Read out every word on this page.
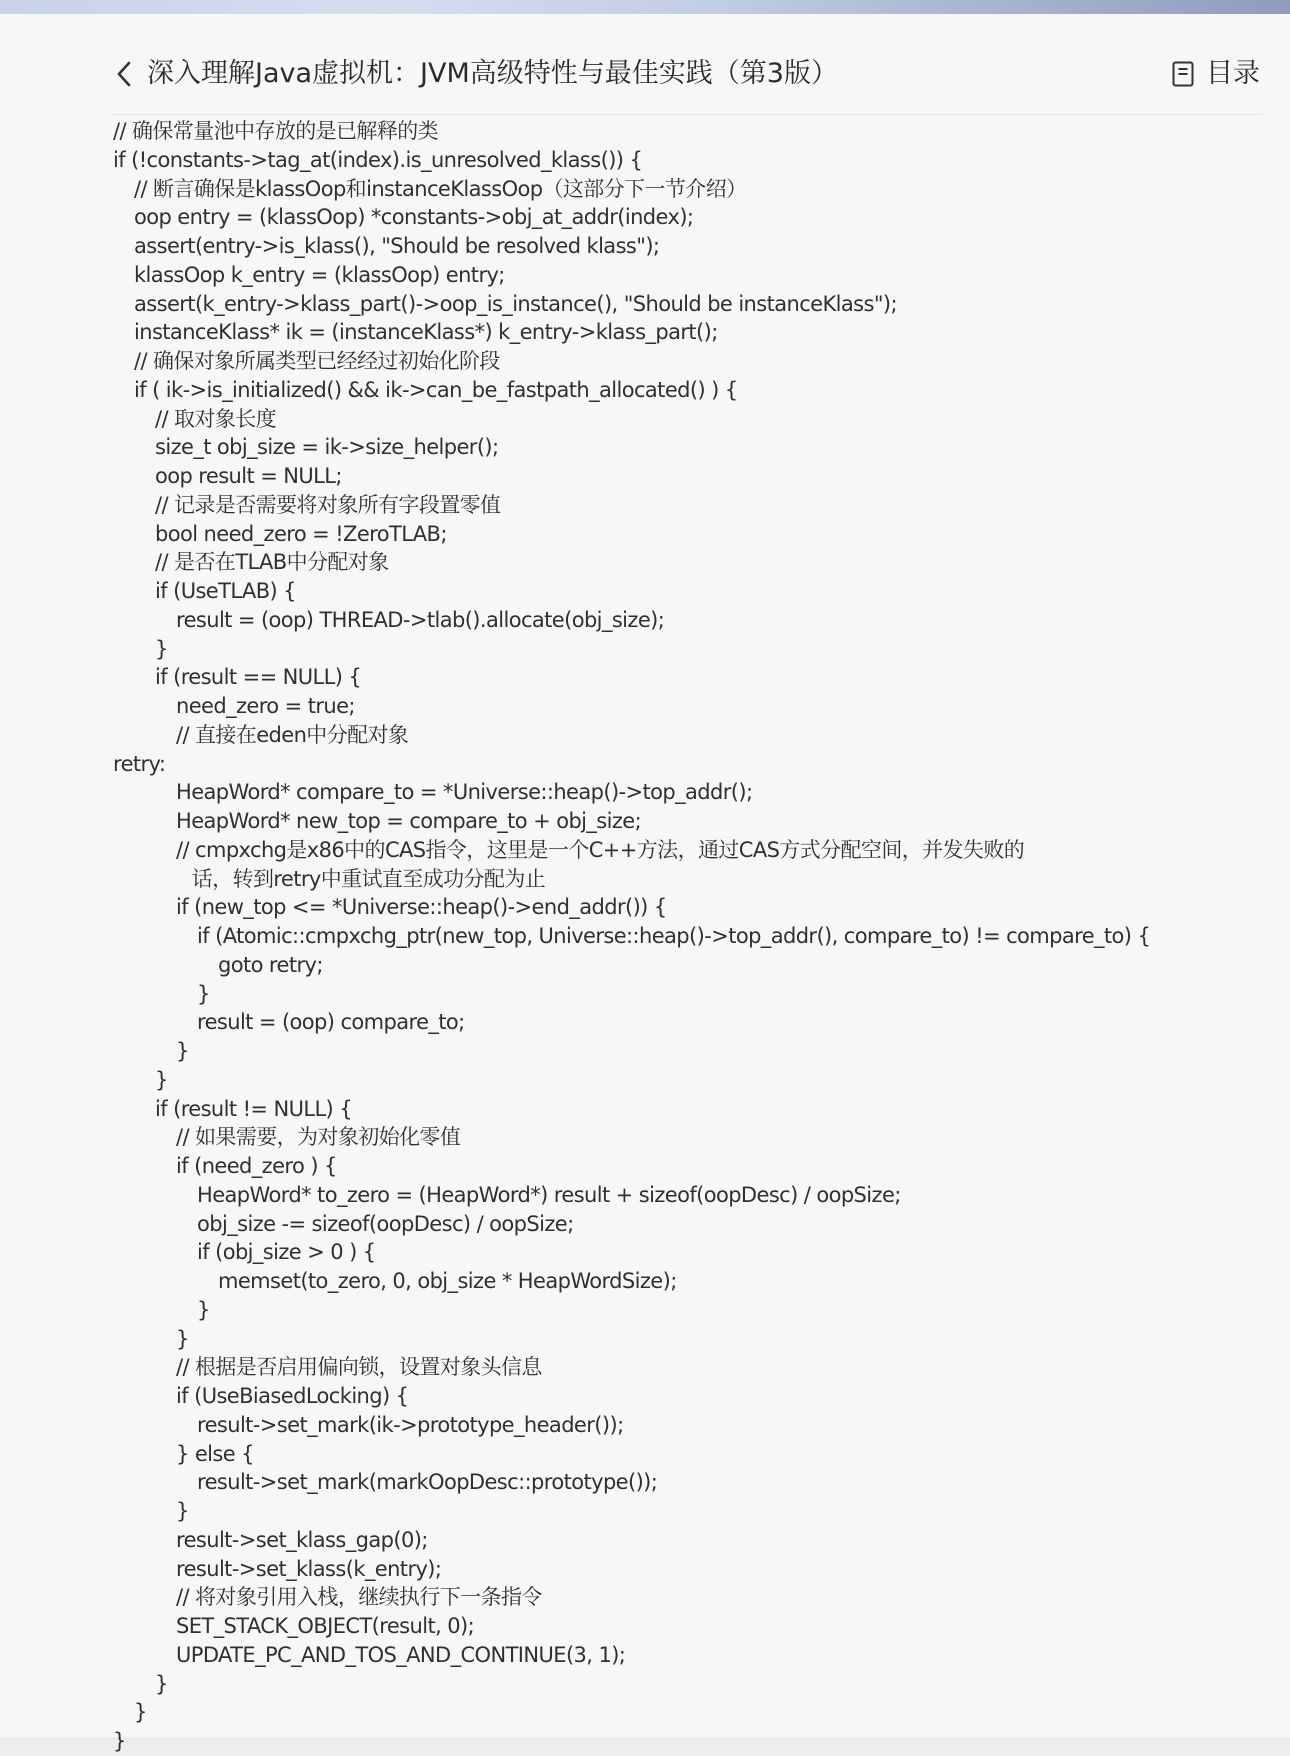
深入理解Java虚拟机：JVM高级特性与最佳实践（第3版）	目录
// 确保常量池中存放的是已解释的类
if (!constants->tag_at(index).is_unresolved_klass()) {
// 断言确保是klassOop和instanceKlassOop（这部分下一节介绍）
oop entry = (klassOop) *constants->obj_at_addr(index);
assert(entry->is_klass(), "Should be resolved klass");
klassOop k_entry = (klassOop) entry;
assert(k_entry->klass_part()->oop_is_instance(), "Should be instanceKlass");
instanceKlass* ik = (instanceKlass*) k_entry->klass_part();
// 确保对象所属类型已经经过初始化阶段
if ( ik->is_initialized() && ik->can_be_fastpath_allocated() ) {
// 取对象长度
size_t obj_size = ik->size_helper();
oop result = NULL;
// 记录是否需要将对象所有字段置零值
bool need_zero = !ZeroTLAB;
// 是否在TLAB中分配对象
if (UseTLAB) {
result = (oop) THREAD->tlab().allocate(obj_size);
}
if (result == NULL) {
need_zero = true;
// 直接在eden中分配对象
retry:
HeapWord* compare_to = *Universe::heap()->top_addr();
HeapWord* new_top = compare_to + obj_size;
// cmpxchg是x86中的CAS指令，这里是一个C++方法，通过CAS方式分配空间，并发失败的
话，转到retry中重试直至成功分配为止
if (new_top <= *Universe::heap()->end_addr()) {
if (Atomic::cmpxchg_ptr(new_top, Universe::heap()->top_addr(), compare_to) != compare_to) {
goto retry;
}
result = (oop) compare_to;
}
}
if (result != NULL) {
// 如果需要，为对象初始化零值
if (need_zero ) {
HeapWord* to_zero = (HeapWord*) result + sizeof(oopDesc) / oopSize;
obj_size -= sizeof(oopDesc) / oopSize;
if (obj_size > 0 ) {
memset(to_zero, 0, obj_size * HeapWordSize);
}
}
// 根据是否启用偏向锁，设置对象头信息
if (UseBiasedLocking) {
result->set_mark(ik->prototype_header());
} else {
result->set_mark(markOopDesc::prototype());
}
result->set_klass_gap(0);
result->set_klass(k_entry);
// 将对象引用入栈，继续执行下一条指令
SET_STACK_OBJECT(result, 0);
UPDATE_PC_AND_TOS_AND_CONTINUE(3, 1);
}
}
}
